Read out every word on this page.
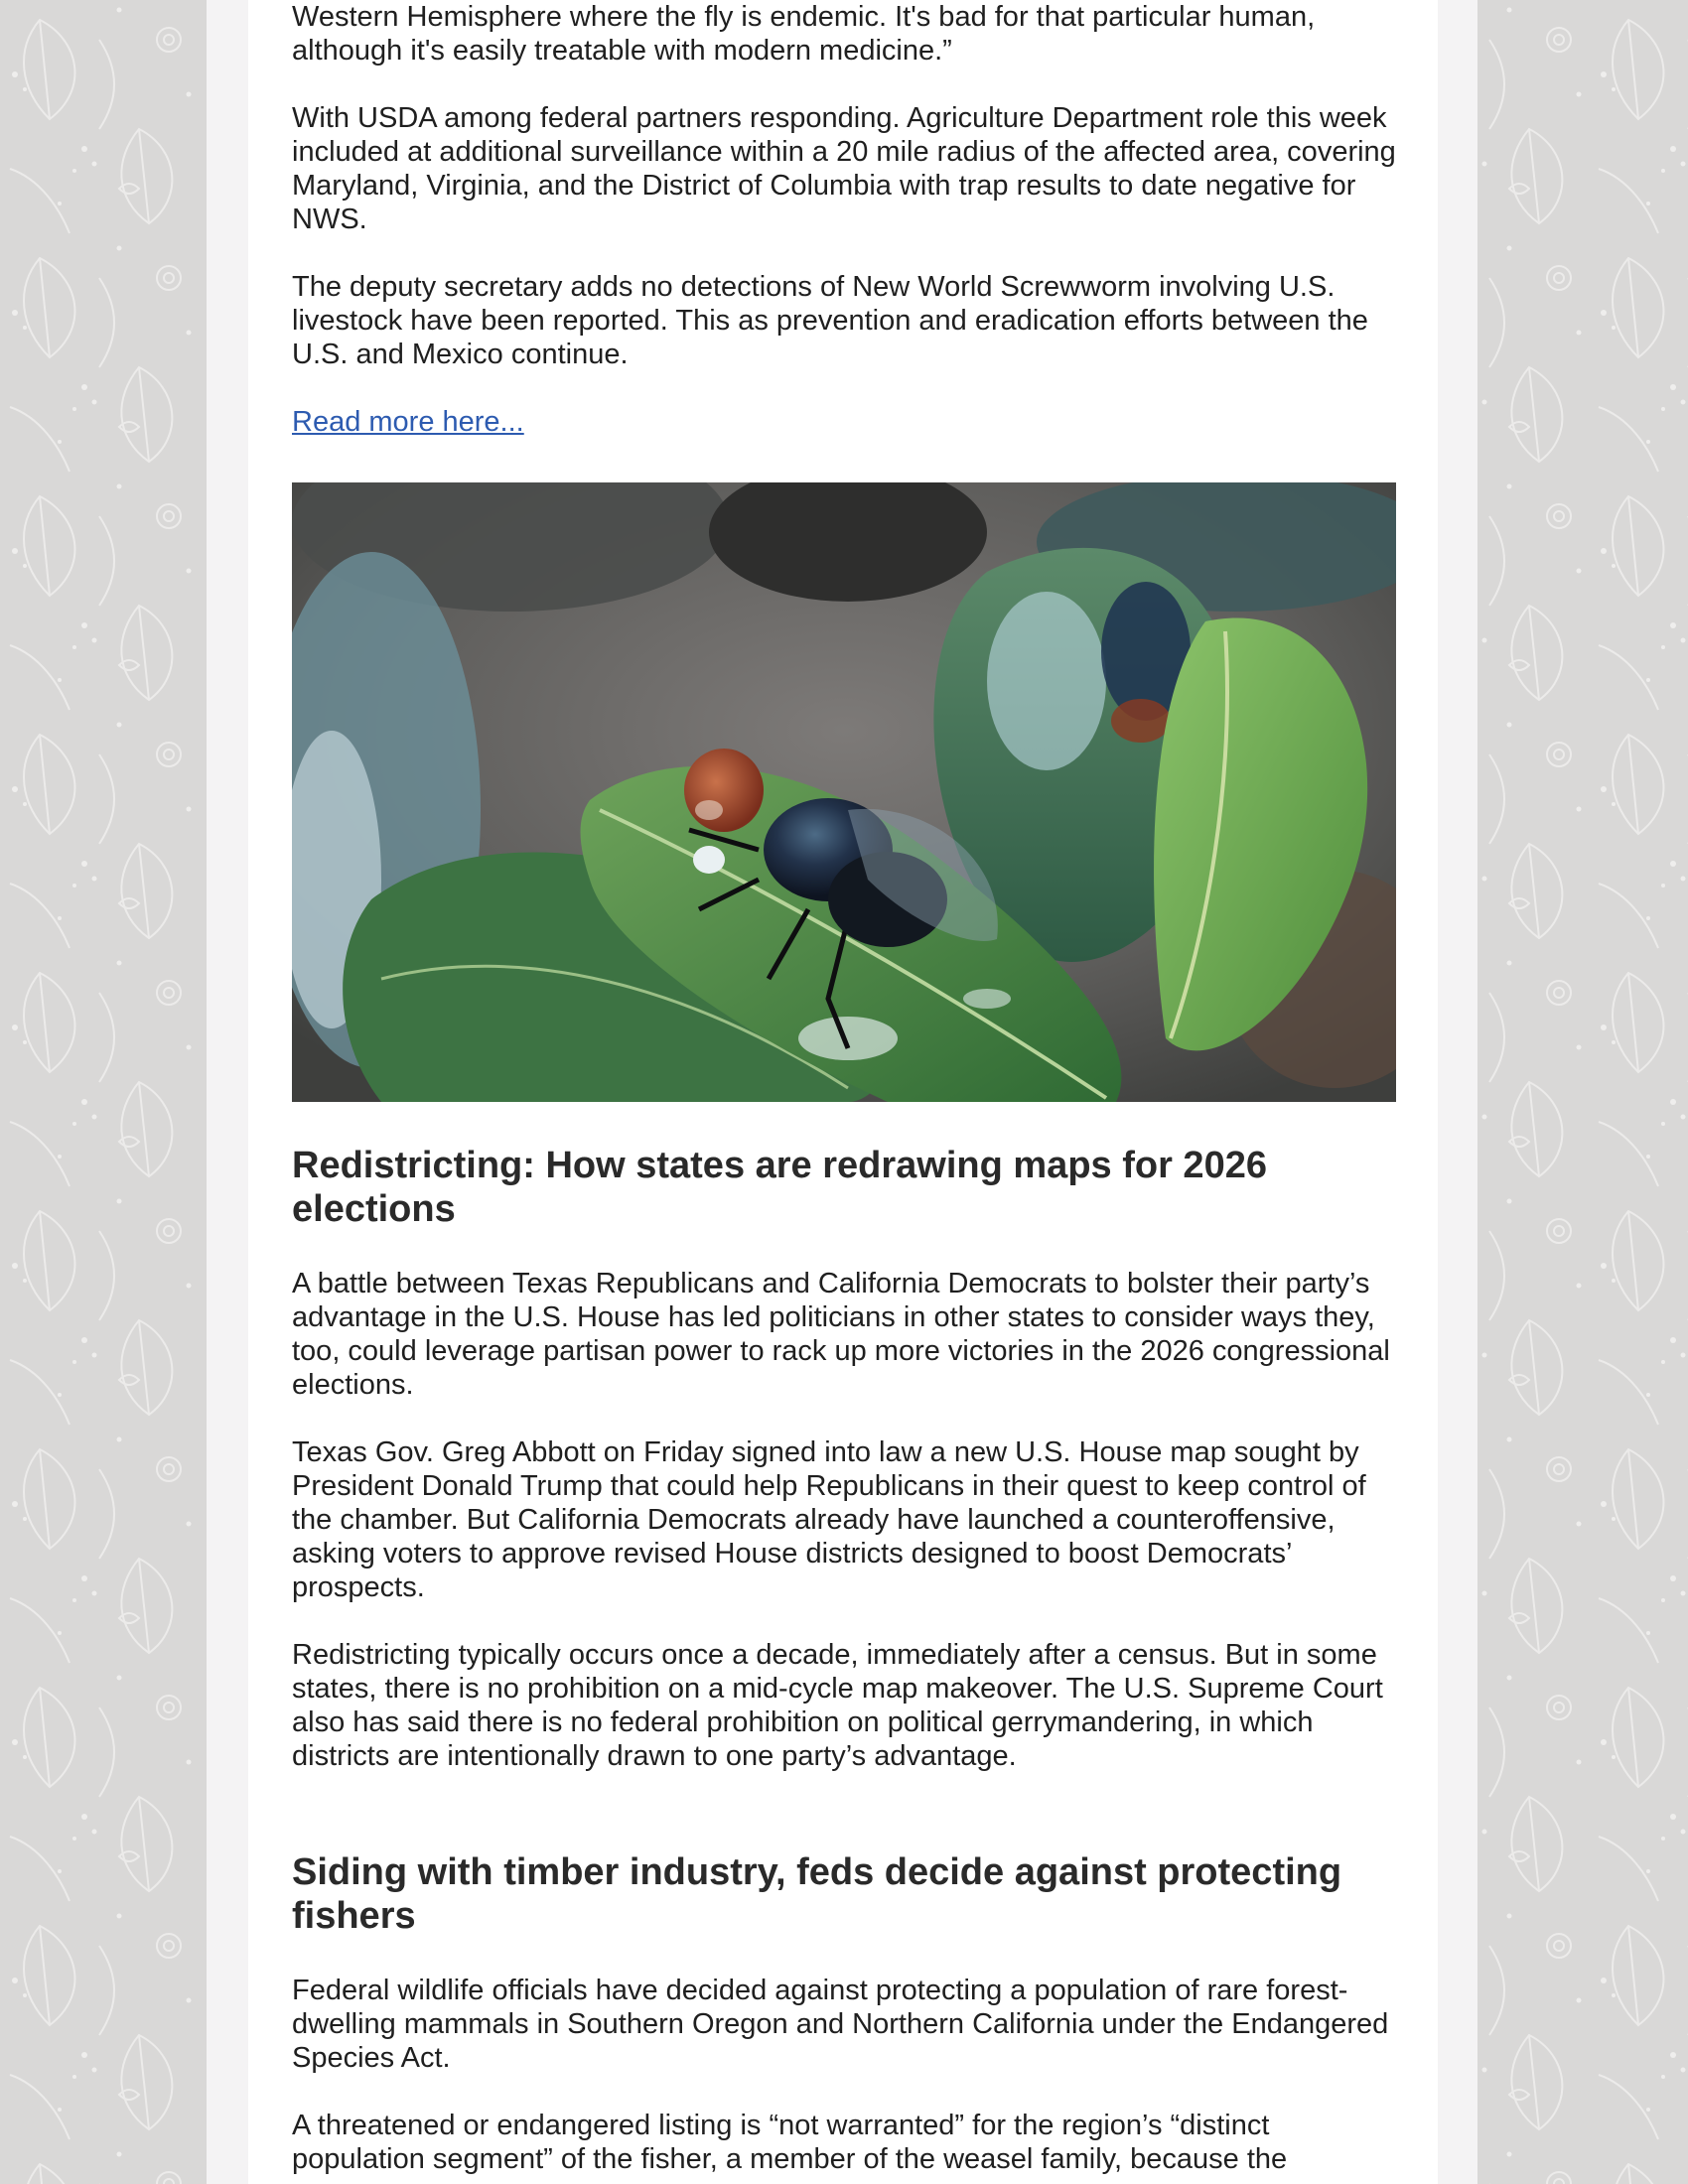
Western Hemisphere where the fly is endemic. It's bad for that particular human, although it's easily treatable with modern medicine.”

With USDA among federal partners responding. Agriculture Department role this week included at additional surveillance within a 20 mile radius of the affected area, covering Maryland, Virginia, and the District of Columbia with trap results to date negative for NWS.

The deputy secretary adds no detections of New World Screwworm involving U.S. livestock have been reported. This as prevention and eradication efforts between the U.S. and Mexico continue.

Read more here...
Redistricting: How states are redrawing maps for 2026 elections

A battle between Texas Republicans and California Democrats to bolster their party’s advantage in the U.S. House has led politicians in other states to consider ways they, too, could leverage partisan power to rack up more victories in the 2026 congressional elections.

Texas Gov. Greg Abbott on Friday signed into law a new U.S. House map sought by President Donald Trump that could help Republicans in their quest to keep control of the chamber. But California Democrats already have launched a counteroffensive, asking voters to approve revised House districts designed to boost Democrats’ prospects.

Redistricting typically occurs once a decade, immediately after a census. But in some states, there is no prohibition on a mid-cycle map makeover. The U.S. Supreme Court also has said there is no federal prohibition on political gerrymandering, in which districts are intentionally drawn to one party’s advantage.

Siding with timber industry, feds decide against protecting fishers

Federal wildlife officials have decided against protecting a population of rare forest-dwelling mammals in Southern Oregon and Northern California under the Endangered Species Act.

A threatened or endangered listing is “not warranted” for the region’s “distinct population segment” of the fisher, a member of the weasel family, because the
